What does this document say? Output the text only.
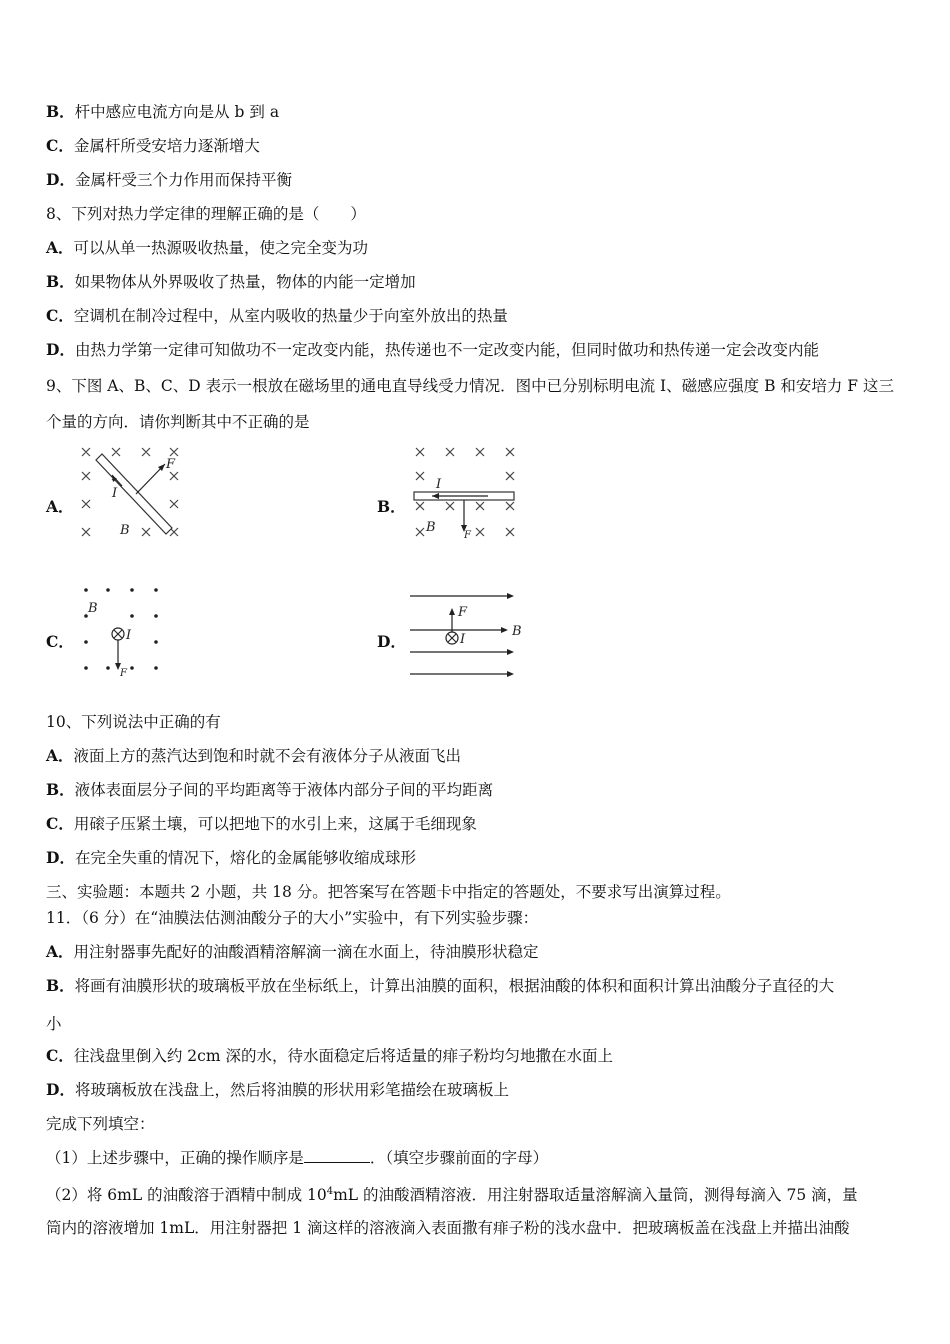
B．杆中感应电流方向是从 b 到 a
C．金属杆所受安培力逐渐增大
D．金属杆受三个力作用而保持平衡
8、下列对热力学定律的理解正确的是（　　）
A．可以从单一热源吸收热量，使之完全变为功
B．如果物体从外界吸收了热量，物体的内能一定增加
C．空调机在制冷过程中，从室内吸收的热量少于向室外放出的热量
D．由热力学第一定律可知做功不一定改变内能，热传递也不一定改变内能，但同时做功和热传递一定会改变内能
9、下图 A、B、C、D 表示一根放在磁场里的通电直导线受力情况．图中已分别标明电流 I、磁感应强度 B 和安培力 F 这三
个量的方向．请你判断其中不正确的是
A．
F
I
B
B．
I
B
F
C．
B
I
F
D．
F
I
B
10、下列说法中正确的有
A．液面上方的蒸汽达到饱和时就不会有液体分子从液面飞出
B．液体表面层分子间的平均距离等于液体内部分子间的平均距离
C．用磙子压紧土壤，可以把地下的水引上来，这属于毛细现象
D．在完全失重的情况下，熔化的金属能够收缩成球形
三、实验题：本题共 2 小题，共 18 分。把答案写在答题卡中指定的答题处，不要求写出演算过程。
11．（6 分）在“油膜法估测油酸分子的大小”实验中，有下列实验步骤：
A．用注射器事先配好的油酸酒精溶解滴一滴在水面上，待油膜形状稳定
B．将画有油膜形状的玻璃板平放在坐标纸上，计算出油膜的面积，根据油酸的体积和面积计算出油酸分子直径的大
小
C．往浅盘里倒入约 2cm 深的水，待水面稳定后将适量的痱子粉均匀地撒在水面上
D．将玻璃板放在浅盘上，然后将油膜的形状用彩笔描绘在玻璃板上
完成下列填空：
（1）上述步骤中，正确的操作顺序是	．（填空步骤前面的字母）
（2）将 6mL 的油酸溶于酒精中制成 $10^4mL$ 的油酸酒精溶液．用注射器取适量溶解滴入量筒，测得每滴入 75 滴，量
筒内的溶液增加 1mL．用注射器把 1 滴这样的溶液滴入表面撒有痱子粉的浅水盘中．把玻璃板盖在浅盘上并描出油酸
